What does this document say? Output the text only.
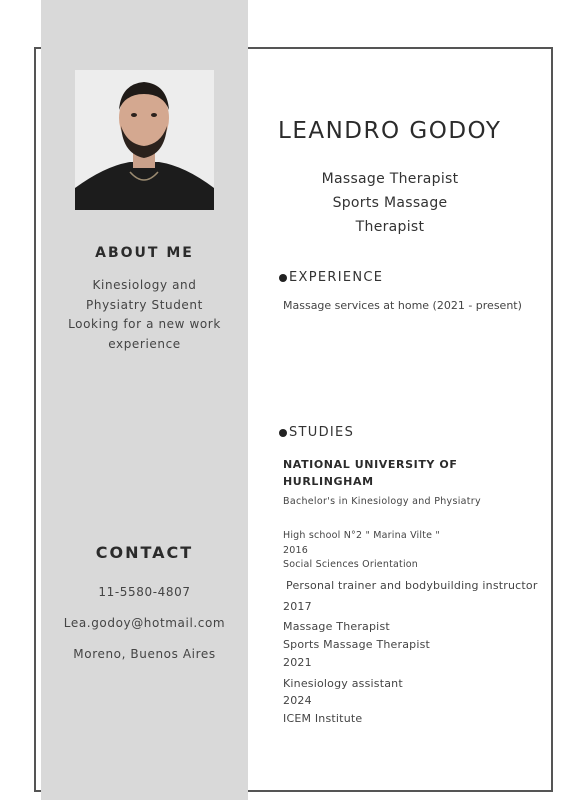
ABOUT ME
Kinesiology and
Physiatry Student
Looking for a new work
experience
CONTACT
11-5580-4807
Lea.godoy@hotmail.com
Moreno, Buenos Aires
LEANDRO GODOY
Massage Therapist
Sports Massage
Therapist
EXPERIENCE
Massage services at home (2021 - present)
STUDIES
NATIONAL UNIVERSITY OF HURLINGHAM
Bachelor's in Kinesiology and Physiatry
High school N°2 " Marina Vilte "
2016
Social Sciences Orientation
Personal trainer and bodybuilding instructor
2017
Massage Therapist
Sports Massage Therapist
2021
Kinesiology assistant
2024
ICEM Institute
